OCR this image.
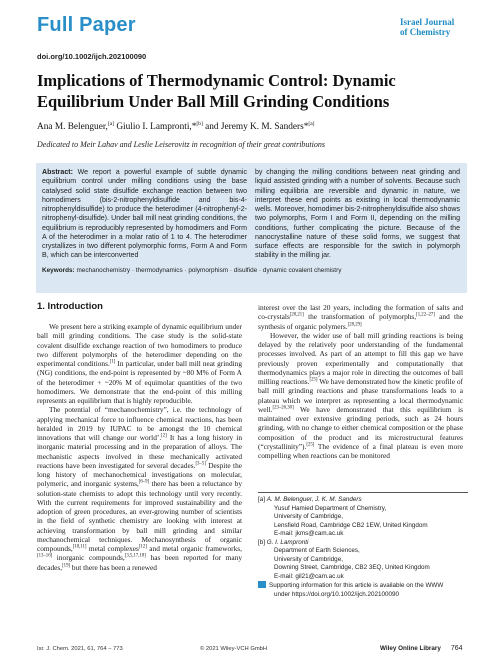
Full Paper	Israel Journal
of Chemistry
doi.org/10.1002/ijch.202100090
Implications of Thermodynamic Control: Dynamic Equilibrium Under Ball Mill Grinding Conditions
Ana M. Belenguer,[a] Giulio I. Lampronti,*[b] and Jeremy K. M. Sanders*[a]
Dedicated to Meir Lahav and Leslie Leiserovitz in recognition of their great contributions
Abstract: We report a powerful example of subtle dynamic equilibrium control under milling conditions using the base catalysed solid state disulfide exchange reaction between two homodimers (bis-2-nitrophenyldisulfide and bis-4-nitrophenyldisulfide) to produce the heterodimer (4-nitrophenyl-2-nitrophenyl-disulfide). Under ball mill neat grinding conditions, the equilibrium is reproducibly represented by homodimers and Form A of the heterodimer in a molar ratio of 1 to 4. The heterodimer crystallizes in two different polymorphic forms, Form A and Form B, which can be interconverted
by changing the milling conditions between neat grinding and liquid assisted grinding with a number of solvents. Because such milling equilibria are reversible and dynamic in nature, we interpret these end points as existing in local thermodynamic wells. Moreover, homodimer bis-2-nitrophenyldisulfide also shows two polymorphs, Form I and Form II, depending on the milling conditions, further complicating the picture. Because of the nanocrystalline nature of these solid forms, we suggest that surface effects are responsible for the switch in polymorph stability in the milling jar.
Keywords: mechanochemistry · thermodynamics · polymorphism · disulfide · dynamic covalent chemistry
1. Introduction

We present here a striking example of dynamic equilibrium under ball mill grinding conditions. The case study is the solid-state covalent disulfide exchange reaction of two homodimers to produce two different polymorphs of the heterodimer depending on the experimental conditions.[1] In particular, under ball mill neat grinding (NG) conditions, the end-point is represented by ~80 M% of Form A of the heterodimer + ~20% M of equimolar quantities of the two homodimers. We demonstrate that the end-point of this milling represents an equilibrium that is highly reproducible.

The potential of “mechanochemistry”, i.e. the technology of applying mechanical force to influence chemical reactions, has been heralded in 2019 by IUPAC to be amongst the 10 chemical innovations that will change our world’.[2] It has a long history in inorganic material processing and in the preparation of alloys. The mechanistic aspects involved in these mechanically activated reactions have been investigated for several decades.[3–5] Despite the long history of mechanochemical investigations on molecular, polymeric, and inorganic systems,[6–9] there has been a reluctance by solution-state chemists to adopt this technology until very recently. With the current requirements for improved sustainability and the adoption of green procedures, an ever-growing number of scientists in the field of synthetic chemistry are looking with interest at achieving transformation by ball mill grinding and similar mechanochemical techniques. Mechanosynthesis of organic compounds,[10,11] metal complexes[12] and metal organic frameworks,[13–16] inorganic compounds,[3,5,17,18] has been reported for many decades,[19] but there has been a renewed

interest over the last 20 years, including the formation of salts and co-crystals[20,21] the transformation of polymorphs,[1,22–27] and the synthesis of organic polymers.[28,29]

However, the wider use of ball mill grinding reactions is being delayed by the relatively poor understanding of the fundamental processes involved. As part of an attempt to fill this gap we have previously proven experimentally and computationally that thermodynamics plays a major role in directing the outcomes of ball milling reactions.[25] We have demonstrated how the kinetic profile of ball mill grinding reactions and phase transformations leads to a plateau which we interpret as representing a local thermodynamic well.[23–26,30] We have demonstrated that this equilibrium is maintained over extensive grinding periods, such as 24 hours grinding, with no change to either chemical composition or the phase composition of the product and its microstructural features (“crystallinity”).[25] The evidence of a final plateau is even more compelling when reactions can be monitored

[a] A. M. Belenguer, J. K. M. Sanders
Yusuf Hamied Department of Chemistry,
University of Cambridge,
Lensfield Road, Cambridge CB2 1EW, United Kingdom
E-mail: jkms@cam.ac.uk
[b] G. I. Lampronti
Department of Earth Sciences,
University of Cambridge,
Downing Street, Cambridge, CB2 3EQ, United Kingdom
E-mail: gil21@cam.ac.uk
Supporting information for this article is available on the WWW
under https://doi.org/10.1002/ijch.202100090
Isr. J. Chem. 2021, 61, 764 – 773	© 2021 Wiley-VCH GmbH	Wiley Online Library 764
